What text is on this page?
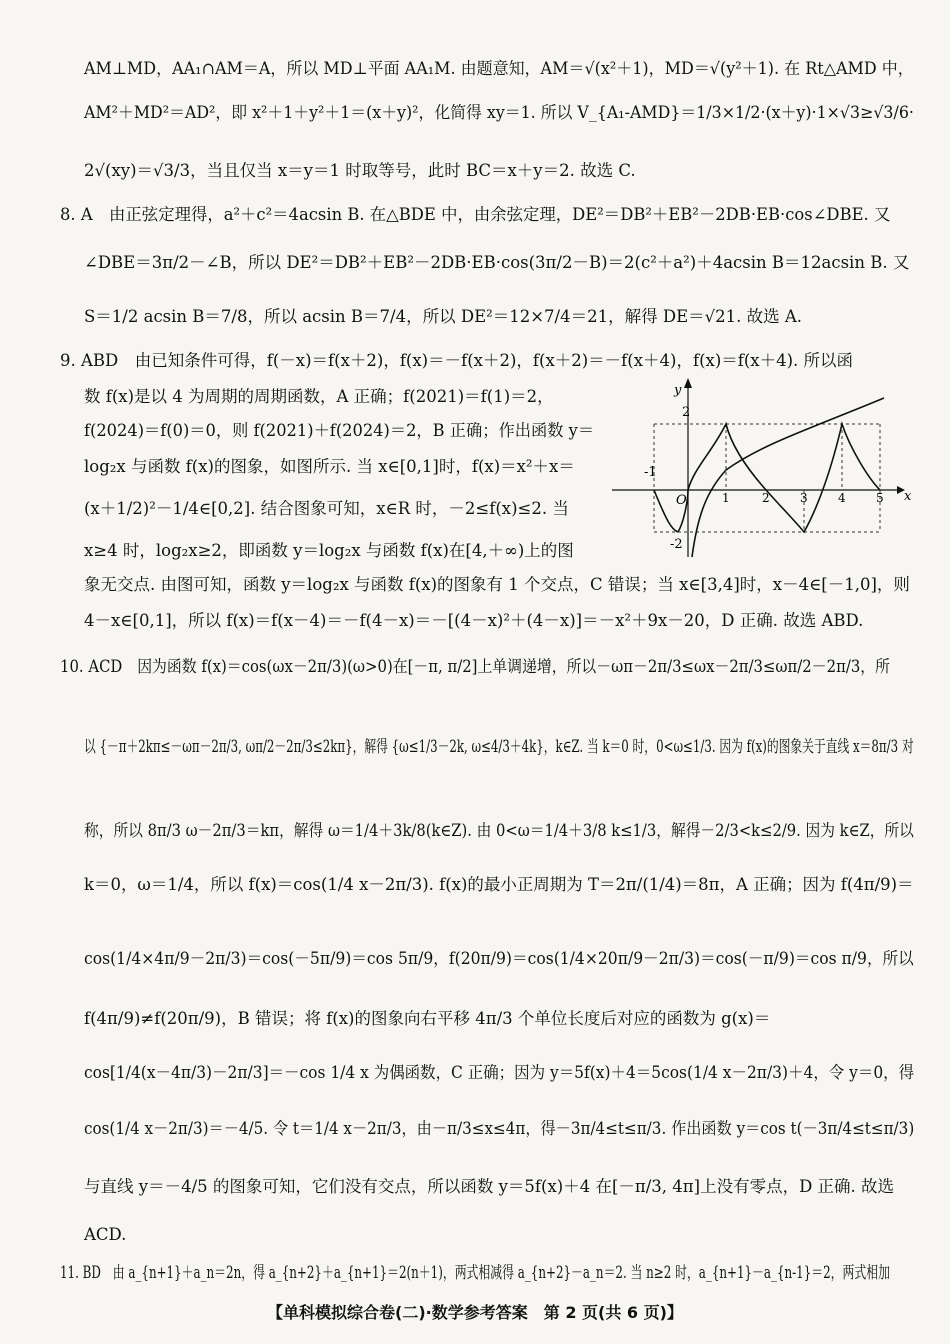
AM⊥MD，AA₁∩AM＝A，所以 MD⊥平面 AA₁M. 由题意知，AM＝√(x²＋1)，MD＝√(y²＋1). 在 Rt△AMD 中，
AM²＋MD²＝AD²，即 x²＋1＋y²＋1＝(x＋y)²，化简得 xy＝1. 所以 V_{A₁-AMD}＝1/3×1/2·(x＋y)·1×√3≥√3/6·
2√(xy)＝√3/3，当且仅当 x＝y＝1 时取等号，此时 BC＝x＋y＝2. 故选 C.
8. A　由正弦定理得，a²＋c²＝4acsin B. 在△BDE 中，由余弦定理，DE²＝DB²＋EB²－2DB·EB·cos∠DBE. 又
∠DBE＝3π/2－∠B，所以 DE²＝DB²＋EB²－2DB·EB·cos(3π/2－B)＝2(c²＋a²)＋4acsin B＝12acsin B. 又
S＝1/2 acsin B＝7/8，所以 acsin B＝7/4，所以 DE²＝12×7/4＝21，解得 DE＝√21. 故选 A.
9. ABD　由已知条件可得，f(－x)＝f(x＋2)，f(x)＝－f(x＋2)，f(x＋2)＝－f(x＋4)，f(x)＝f(x＋4). 所以函
数 f(x)是以 4 为周期的周期函数，A 正确；f(2021)＝f(1)＝2，
f(2024)＝f(0)＝0，则 f(2021)＋f(2024)＝2，B 正确；作出函数 y＝
log₂x 与函数 f(x)的图象，如图所示. 当 x∈[0,1]时，f(x)＝x²＋x＝
(x＋1/2)²－1/4∈[0,2]. 结合图象可知，x∈R 时，－2≤f(x)≤2. 当
x≥4 时，log₂x≥2，即函数 y＝log₂x 与函数 f(x)在[4,＋∞)上的图
象无交点. 由图可知，函数 y＝log₂x 与函数 f(x)的图象有 1 个交点，C 错误；当 x∈[3,4]时，x－4∈[－1,0]，则
4－x∈[0,1]，所以 f(x)＝f(x－4)＝－f(4－x)＝－[(4－x)²＋(4－x)]＝－x²＋9x－20，D 正确. 故选 ABD.
10. ACD　因为函数 f(x)＝cos(ωx－2π/3)(ω>0)在[－π, π/2]上单调递增，所以－ωπ－2π/3≤ωx－2π/3≤ωπ/2－2π/3，所
以 {－π＋2kπ≤－ωπ－2π/3, ωπ/2－2π/3≤2kπ}，解得 {ω≤1/3－2k, ω≤4/3＋4k}，k∈Z. 当 k＝0 时，0<ω≤1/3. 因为 f(x)的图象关于直线 x＝8π/3 对
称，所以 8π/3 ω－2π/3＝kπ，解得 ω＝1/4＋3k/8(k∈Z). 由 0<ω＝1/4＋3/8 k≤1/3，解得－2/3<k≤2/9. 因为 k∈Z，所以
k＝0，ω＝1/4，所以 f(x)＝cos(1/4 x－2π/3). f(x)的最小正周期为 T＝2π/(1/4)＝8π，A 正确；因为 f(4π/9)＝
cos(1/4×4π/9－2π/3)＝cos(－5π/9)＝cos 5π/9，f(20π/9)＝cos(1/4×20π/9－2π/3)＝cos(－π/9)＝cos π/9，所以
f(4π/9)≠f(20π/9)，B 错误；将 f(x)的图象向右平移 4π/3 个单位长度后对应的函数为 g(x)＝
cos[1/4(x－4π/3)－2π/3]＝－cos 1/4 x 为偶函数，C 正确；因为 y＝5f(x)＋4＝5cos(1/4 x－2π/3)＋4，令 y＝0，得
cos(1/4 x－2π/3)＝－4/5. 令 t＝1/4 x－2π/3，由－π/3≤x≤4π，得－3π/4≤t≤π/3. 作出函数 y＝cos t(－3π/4≤t≤π/3)
与直线 y＝－4/5 的图象可知，它们没有交点，所以函数 y＝5f(x)＋4 在[－π/3, 4π]上没有零点，D 正确. 故选
ACD.
11. BD　由 a_{n+1}＋a_n＝2n，得 a_{n+2}＋a_{n+1}＝2(n＋1)，两式相减得 a_{n+2}－a_n＝2. 当 n≥2 时，a_{n+1}－a_{n-1}＝2，两式相加
x
y
2
-2
-1
O	1	2	3	4	5
【单科模拟综合卷(二)·数学参考答案　第 2 页(共 6 页)】
